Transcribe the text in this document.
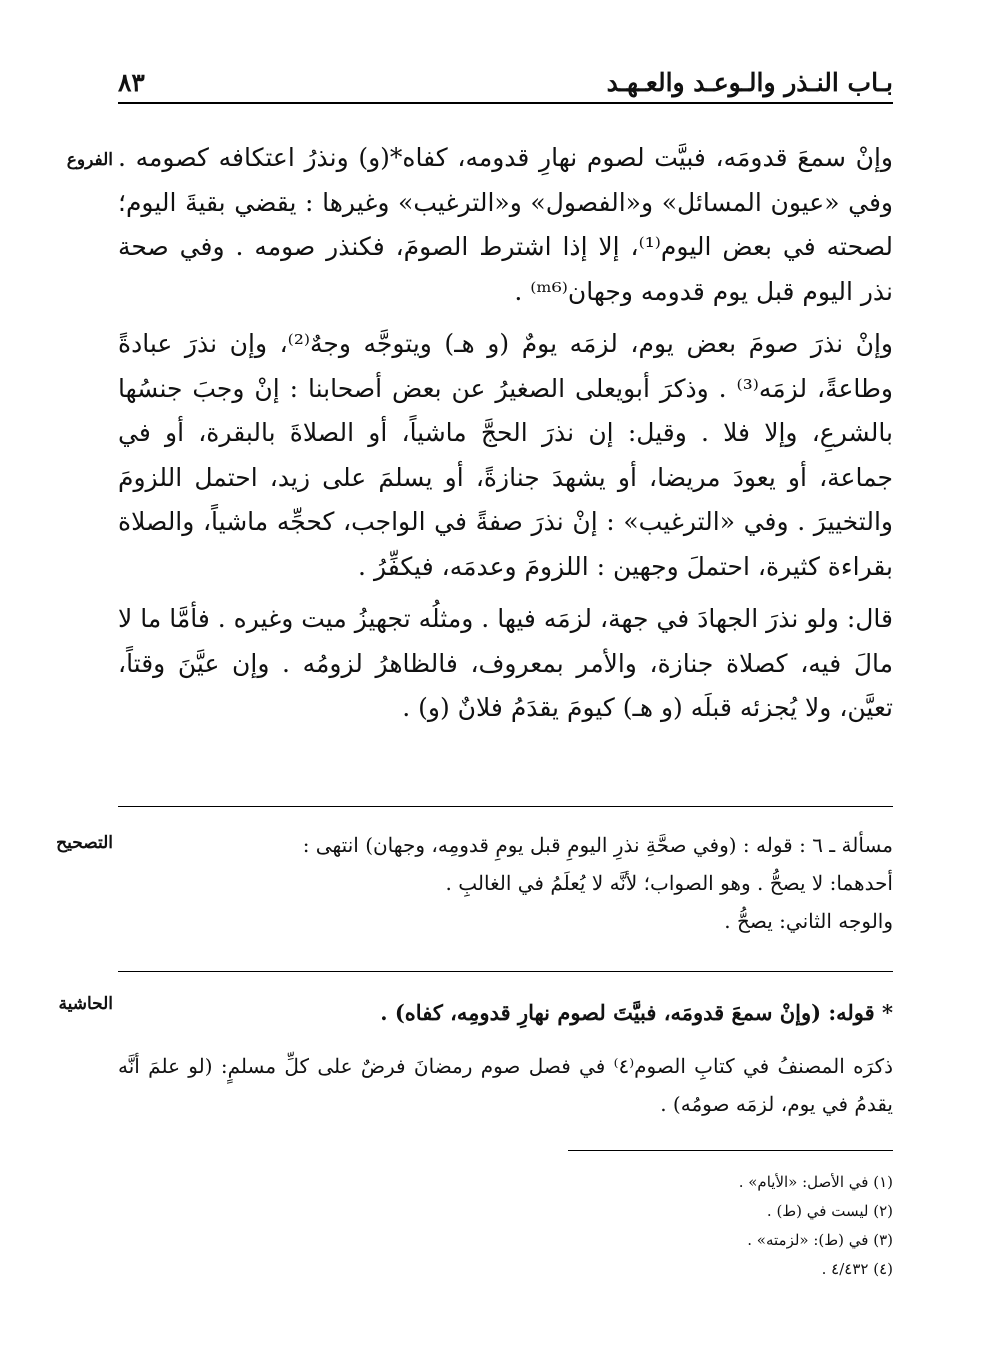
بـاب النـذر والـوعـد والعـهـد
٨٣
الفروع وإنْ سمعَ قدومَه، فبيَّت لصوم نهارِ قدومه، كفاه*(و) ونذرُ اعتكافه كصومه . وفي «عيون المسائل» و«الفصول» و«الترغيب» وغيرها : يقضي بقيةَ اليوم؛ لصحته في بعض اليوم⁽¹⁾، إلا إذا اشترط الصومَ، فكنذر صومه . وفي صحة نذر اليوم قبل يوم قدومه وجهان⁽ᵐ⁶⁾ .

وإنْ نذرَ صومَ بعض يوم، لزمَه يومٌ (و هـ) ويتوجَّه وجهٌ⁽²⁾، وإن نذرَ عبادةً وطاعةً، لزمَه⁽³⁾ . وذكرَ أبويعلى الصغيرُ عن بعض أصحابنا : إنْ وجبَ جنسُها بالشرعِ، وإلا فلا . وقيل: إن نذرَ الحجَّ ماشياً، أو الصلاةَ بالبقرة، أو في جماعة، أو يعودَ مريضا، أو يشهدَ جنازةً، أو يسلمَ على زيد، احتمل اللزومَ والتخييرَ . وفي «الترغيب» : إنْ نذرَ صفةً في الواجب، كحجِّه ماشياً، والصلاة بقراءة كثيرة، احتملَ وجهين : اللزومَ وعدمَه، فيكفِّرُ .

قال: ولو نذرَ الجهادَ في جهة، لزمَه فيها . ومثلُه تجهيزُ ميت وغيره . فأمَّا ما لا مالَ فيه، كصلاة جنازة، والأمر بمعروف، فالظاهرُ لزومُه . وإن عيَّنَ وقتاً، تعيَّن، ولا يُجزئه قبلَه (و هـ) كيومَ يقدَمُ فلانٌ (و) .

التصحيح	مسألة ـ ٦ : قوله : (وفي صحَّةِ نذرِ اليومِ قبل يومِ قدومِه، وجهان) انتهى :

أحدهما: لا يصحُّ . وهو الصواب؛ لأنَّه لا يُعلَمُ في الغالبِ .

والوجه الثاني: يصحُّ .

الحاشية	* قوله: (وإنْ سمعَ قدومَه، فبيَّتَ لصوم نهارِ قدومِه، كفاه) .

ذكرَه المصنفُ في كتابِ الصوم⁽٤⁾ في فصل صوم رمضانَ فرضٌ على كلِّ مسلمٍ: (لو علمَ أنَّه يقدمُ في يوم، لزمَه صومُه) .

(١) في الأصل: «الأيام» .
(٢) ليست في (ط) .
(٣) في (ط): «لزمته» .
(٤) ٤/٤٣٢ .
